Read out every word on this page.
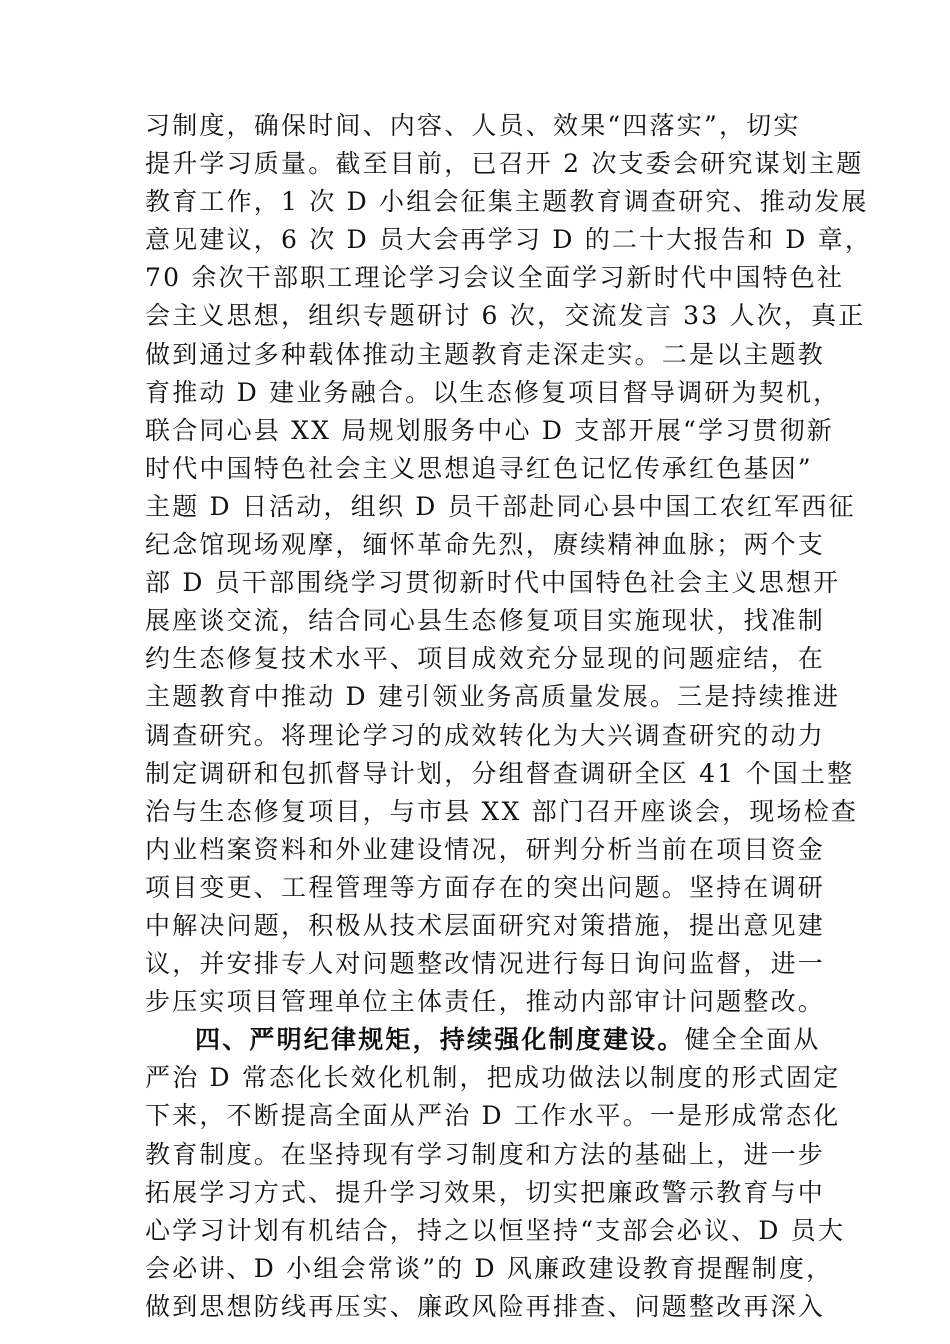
习制度，确保时间、内容、人员、效果“四落实”，切实
提升学习质量。截至目前，已召开 2 次支委会研究谋划主题
教育工作，1 次 D 小组会征集主题教育调查研究、推动发展
意见建议，6 次 D 员大会再学习 D 的二十大报告和 D 章，
70 余次干部职工理论学习会议全面学习新时代中国特色社
会主义思想，组织专题研讨 6 次，交流发言 33 人次，真正
做到通过多种载体推动主题教育走深走实。二是以主题教
育推动 D 建业务融合。以生态修复项目督导调研为契机，
联合同心县 XX 局规划服务中心 D 支部开展“学习贯彻新
时代中国特色社会主义思想追寻红色记忆传承红色基因”
主题 D 日活动，组织 D 员干部赴同心县中国工农红军西征
纪念馆现场观摩，缅怀革命先烈，赓续精神血脉；两个支
部 D 员干部围绕学习贯彻新时代中国特色社会主义思想开
展座谈交流，结合同心县生态修复项目实施现状，找准制
约生态修复技术水平、项目成效充分显现的问题症结，在
主题教育中推动 D 建引领业务高质量发展。三是持续推进
调查研究。将理论学习的成效转化为大兴调查研究的动力
制定调研和包抓督导计划，分组督查调研全区 41 个国土整
治与生态修复项目，与市县 XX 部门召开座谈会，现场检查
内业档案资料和外业建设情况，研判分析当前在项目资金
项目变更、工程管理等方面存在的突出问题。坚持在调研
中解决问题，积极从技术层面研究对策措施，提出意见建
议，并安排专人对问题整改情况进行每日询问监督，进一
步压实项目管理单位主体责任，推动内部审计问题整改。
四、严明纪律规矩，持续强化制度建设。健全全面从
严治 D 常态化长效化机制，把成功做法以制度的形式固定
下来，不断提高全面从严治 D 工作水平。一是形成常态化
教育制度。在坚持现有学习制度和方法的基础上，进一步
拓展学习方式、提升学习效果，切实把廉政警示教育与中
心学习计划有机结合，持之以恒坚持“支部会必议、D 员大
会必讲、D 小组会常谈”的 D 风廉政建设教育提醒制度，
做到思想防线再压实、廉政风险再排查、问题整改再深入
